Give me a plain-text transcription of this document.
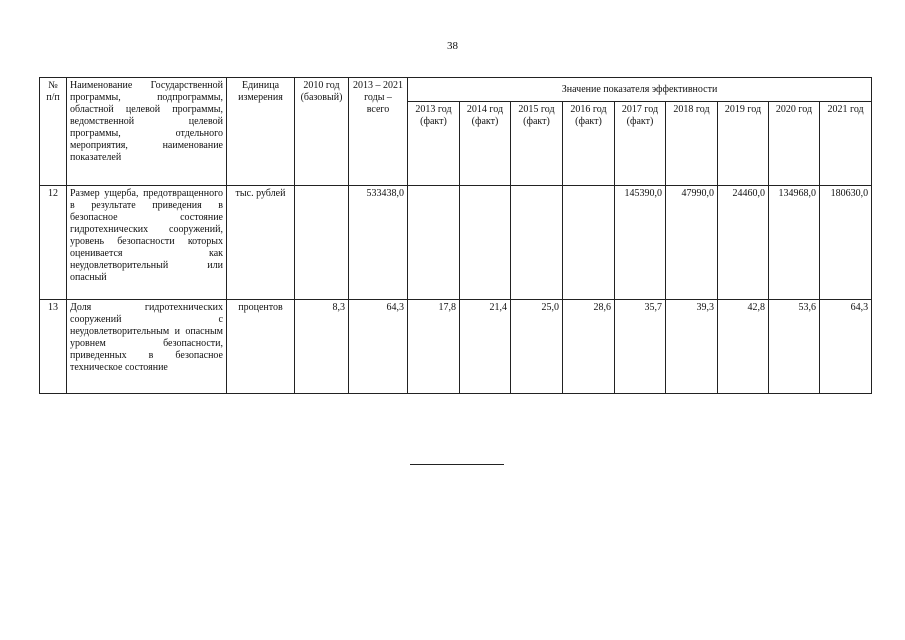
38
№ п/п	Наименование Государственной программы, подпрограммы, областной целевой программы, ведомственной целевой программы, отдельного мероприятия, наименование показателей	Единица измерения	2010 год (базовый)	2013 – 2021 годы – всего	Значение показателя эффективности								
					2013 год (факт)	2014 год (факт)	2015 год (факт)	2016 год (факт)	2017 год (факт)	2018 год	2019 год	2020 год	2021 год
12	Размер ущерба, предотвращенного в результате приведения в безопасное состояние гидротехнических сооружений, уровень безопасности которых оценивается как неудовлетворительный или опасный	тыс. рублей		533438,0					145390,0	47990,0	24460,0	134968,0	180630,0
13	Доля гидротехнических сооружений с неудовлетворительным и опасным уровнем безопасности, приведенных в безопасное техническое состояние	процентов	8,3	64,3	17,8	21,4	25,0	28,6	35,7	39,3	42,8	53,6	64,3
